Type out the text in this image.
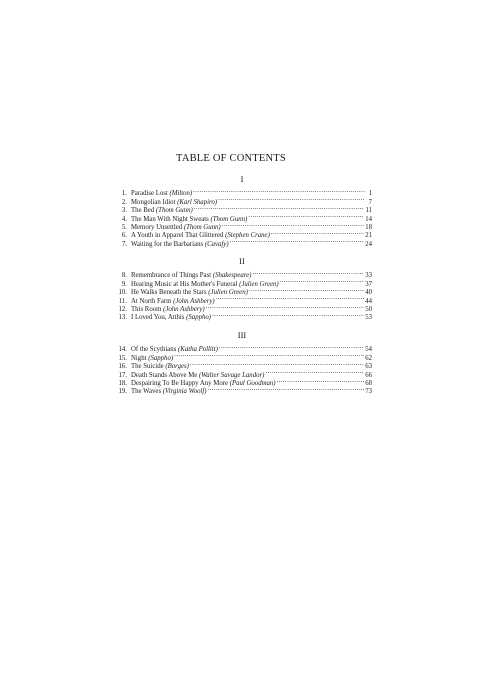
TABLE OF CONTENTS
I
1. Paradise Lost (Milton) .....	1
2. Mongolian Idiot (Karl Shapiro) .....	7
3. The Bed (Thom Gunn) .....	11
4. The Man With Night Sweats (Thom Gunn) .....	14
5. Memory Unsettled (Thom Gunn) .....	18
6. A Youth in Apparel That Glittered (Stephen Crane) .....	21
7. Waiting for the Barbarians (Cavafy) .....	24
II
8. Remembrance of Things Past (Shakespeare) .....	33
9. Hearing Music at His Mother's Funeral (Julien Green) .....	37
10. He Walks Beneath the Stars (Julien Green) .....	40
11. At North Farm (John Ashbery) .....	44
12. This Room (John Ashbery) .....	50
13. I Loved You, Atthis (Sappho) .....	53
III
14. Of the Scythians (Katha Pollitt) .....	54
15. Night (Sappho) .....	62
16. The Suicide (Borges) .....	63
17. Death Stands Above Me (Walter Savage Landor) .....	66
18. Despairing To Be Happy Any More (Paul Goodman) .....	68
19. The Waves (Virginia Woolf) .....	73
